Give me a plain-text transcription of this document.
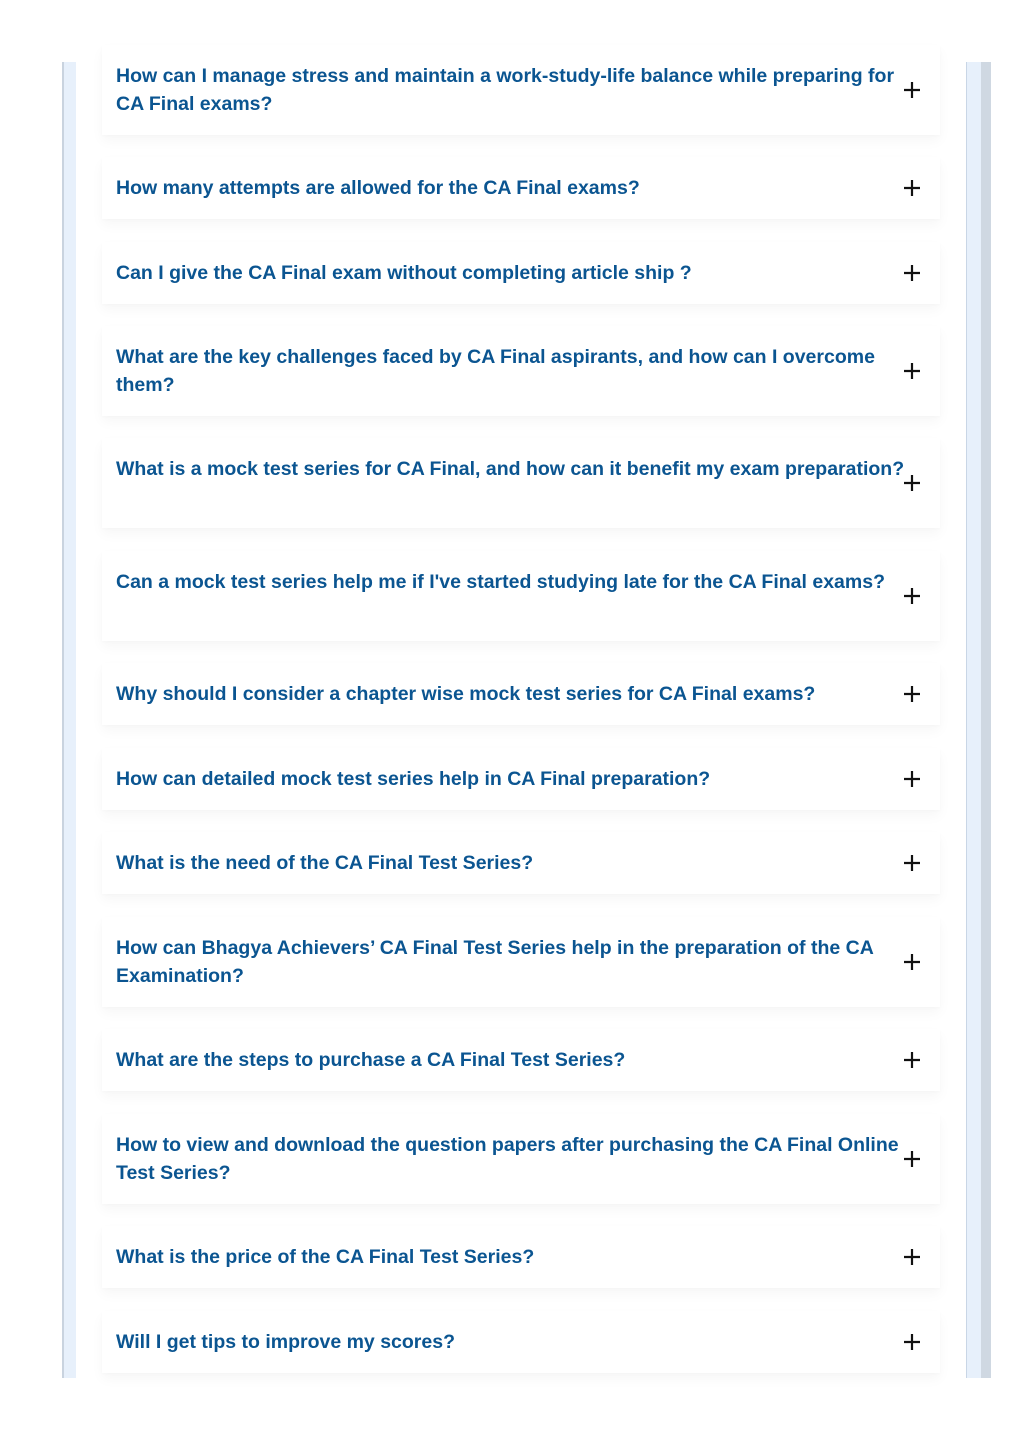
How can I manage stress and maintain a work-study-life balance while preparing for CA Final exams?
How many attempts are allowed for the CA Final exams?
Can I give the CA Final exam without completing article ship ?
What are the key challenges faced by CA Final aspirants, and how can I overcome them?
What is a mock test series for CA Final, and how can it benefit my exam preparation?
Can a mock test series help me if I've started studying late for the CA Final exams?
Why should I consider a chapter wise mock test series for CA Final exams?
How can detailed mock test series help in CA Final preparation?
What is the need of the CA Final Test Series?
How can Bhagya Achievers’ CA Final Test Series help in the preparation of the CA Examination?
What are the steps to purchase a CA Final Test Series?
How to view and download the question papers after purchasing the CA Final Online Test Series?
What is the price of the CA Final Test Series?
Will I get tips to improve my scores?
